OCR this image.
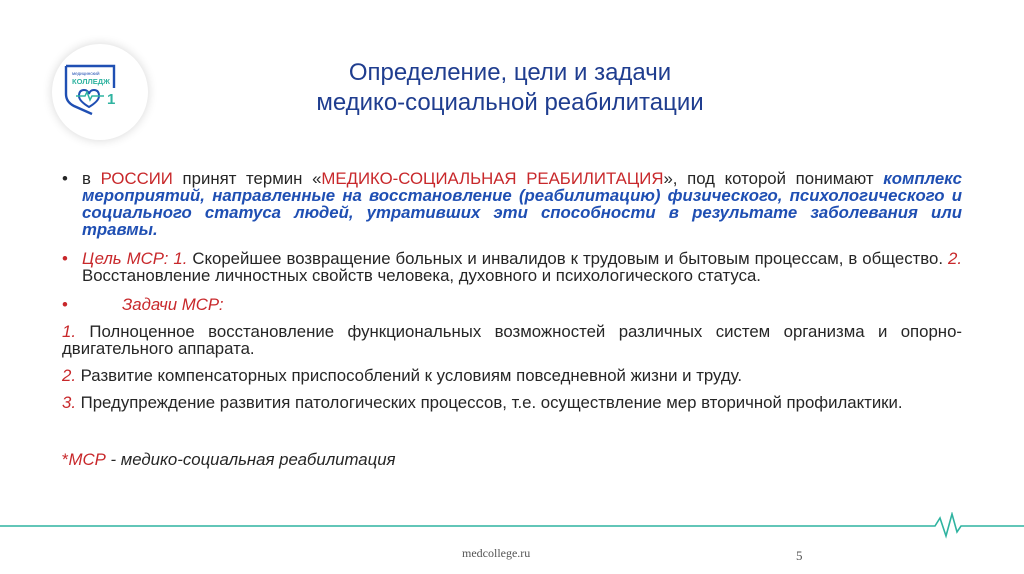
медицинский
КОЛЛЕДЖ
1
Определение, цели и задачи
медико-социальной реабилитации
• в РОССИИ принят термин «МЕДИКО-СОЦИАЛЬНАЯ РЕАБИЛИТАЦИЯ», под которой понимают комплекс мероприятий, направленные на восстановление (реабилитацию) физического, психологического и социального статуса людей, утративших эти способности в результате заболевания или травмы.
• Цель МСР: 1. Скорейшее возвращение больных и инвалидов к трудовым и бытовым процессам, в общество. 2. Восстановление личностных свойств человека, духовного и психологического статуса.
•	Задачи МСР:
1. Полноценное восстановление функциональных возможностей различных систем организма и опорно-двигательного аппарата.
2. Развитие компенсаторных приспособлений к условиям повседневной жизни и труду.
3. Предупреждение развития патологических процессов, т.е. осуществление мер вторичной профилактики.
*МСР - медико-социальная реабилитация
medcollege.ru	5
